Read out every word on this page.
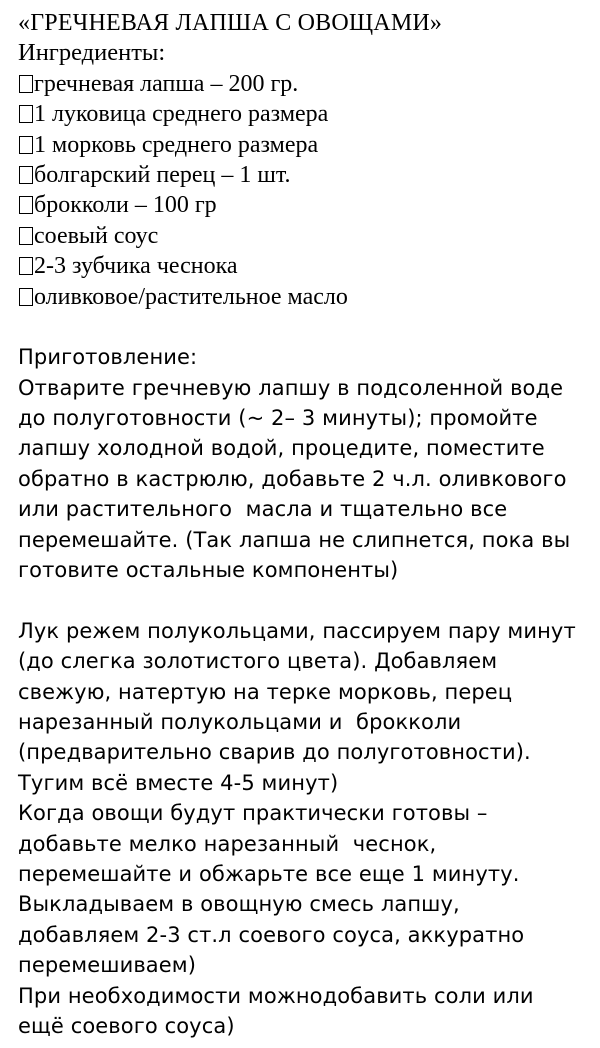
«ГРЕЧНЕВАЯ ЛАПША С ОВОЩАМИ»
Ингредиенты:
гречневая лапша – 200 гр.
1 луковица среднего размера
1 морковь среднего размера
болгарский перец – 1 шт.
брокколи – 100 гр
соевый соус
2-3 зубчика чеснока
оливковое/растительное масло
Приготовление:
Отварите гречневую лапшу в подсоленной воде
до полуготовности (~ 2– 3 минуты); промойте
лапшу холодной водой, процедите, поместите
обратно в кастрюлю, добавьте 2 ч.л. оливкового
или растительного  масла и тщательно все
перемешайте. (Так лапша не слипнется, пока вы
готовите остальные компоненты)
Лук режем полукольцами, пассируем пару минут
(до слегка золотистого цвета). Добавляем
свежую, натертую на терке морковь, перец
нарезанный полукольцами и  брокколи
(предварительно сварив до полуготовности).
Тугим всё вместе 4-5 минут)
Когда овощи будут практически готовы –
добавьте мелко нарезанный  чеснок,
перемешайте и обжарьте все еще 1 минуту.
Выкладываем в овощную смесь лапшу,
добавляем 2-3 ст.л соевого соуса, аккуратно
перемешиваем)
При необходимости можнодобавить соли или
ещё соевого соуса)
